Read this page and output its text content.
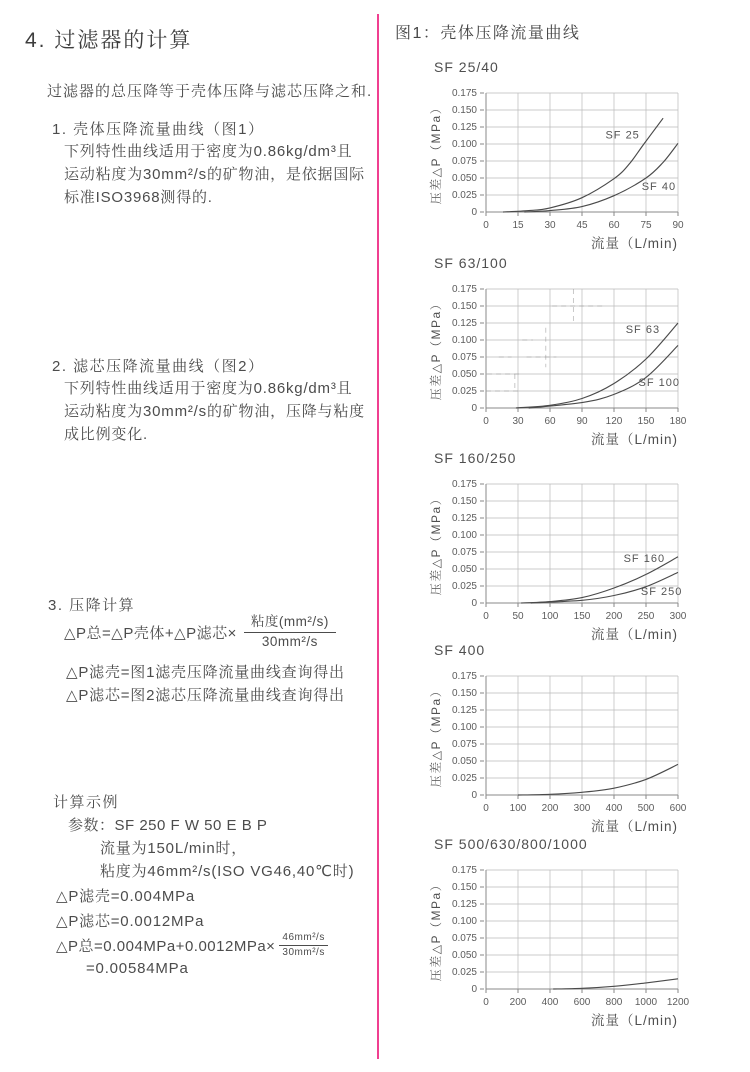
4. 过滤器的计算
过滤器的总压降等于壳体压降与滤芯压降之和.
1. 壳体压降流量曲线（图1）
下列特性曲线适用于密度为0.86kg/dm³且
运动粘度为30mm²/s的矿物油，是依据国际
标准ISO3968测得的.
2. 滤芯压降流量曲线（图2）
下列特性曲线适用于密度为0.86kg/dm³且
运动粘度为30mm²/s的矿物油，压降与粘度
成比例变化.
3. 压降计算
△P总=△P壳体+△P滤芯× $\frac{\text{粘度(mm²/s)}}{\text{30mm²/s}}$
△P滤壳=图1滤壳压降流量曲线查询得出
△P滤芯=图2滤芯压降流量曲线查询得出
计算示例
参数：SF 250 F W 50 E B P
流量为150L/min时，
粘度为46mm²/s(ISO VG46,40℃时)
△P滤壳=0.004MPa
△P滤芯=0.0012MPa
△P总$=0.004MPa+0.0012MPa\times \frac{\text{46mm²/s}}{\text{30mm²/s}}$
=0.00584MPa
图1：壳体压降流量曲线
SF 25/40
0 15 30 45 60 75 90
0
0.025
0.050
0.075
0.100
0.125
0.150
0.175
SF 25
SF 40
流量（L/min)
压差△P（MPa）
SF 63/100
0 30 60 90 120 150 180
0
0.025
0.050
0.075
0.100
0.125
0.150
0.175
SF 63
SF 100
流量（L/min)
压差△P（MPa）
SF 160/250
0 50 100 150 200 250 300
0
0.025
0.050
0.075
0.100
0.125
0.150
0.175
SF 160
SF 250
流量（L/min)
压差△P（MPa）
SF 400
0 100 200 300 400 500 600
0
0.025
0.050
0.075
0.100
0.125
0.150
0.175
流量（L/min)
压差△P（MPa）
SF 500/630/800/1000
0 200 400 600 800 1000 1200
0
0.025
0.050
0.075
0.100
0.125
0.150
0.175
流量（L/min)
压差△P（MPa）
